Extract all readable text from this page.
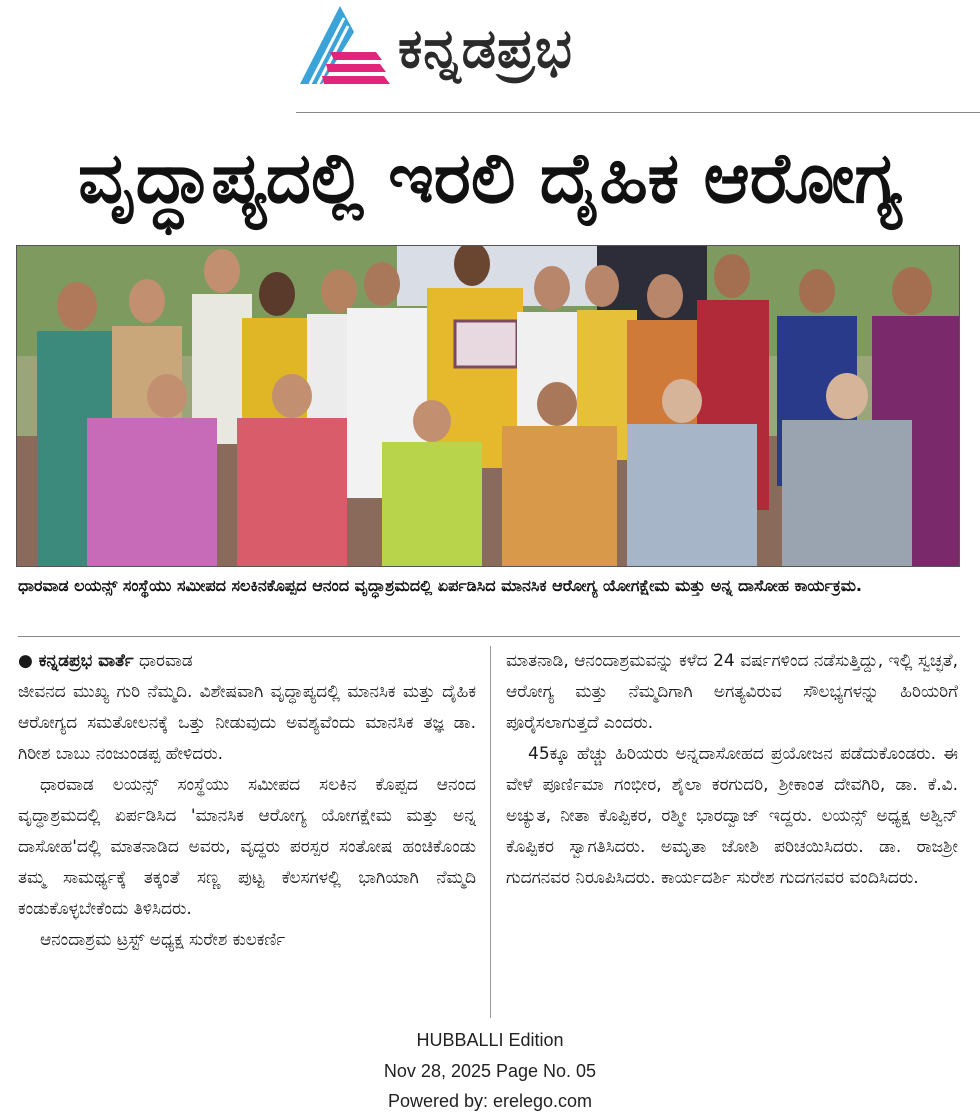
ಕನ್ನಡಪ್ರಭ
ವೃದ್ಧಾಪ್ಯದಲ್ಲಿ ಇರಲಿ ದೈಹಿಕ ಆರೋಗ್ಯ
ಧಾರವಾಡ ಲಯನ್ಸ್ ಸಂಸ್ಥೆಯು ಸಮೀಪದ ಸಲಕಿನಕೊಪ್ಪದ ಆನಂದ ವೃದ್ಧಾಶ್ರಮದಲ್ಲಿ ಏರ್ಪಡಿಸಿದ ಮಾನಸಿಕ ಆರೋಗ್ಯ ಯೋಗಕ್ಷೇಮ ಮತ್ತು ಅನ್ನ ದಾಸೋಹ ಕಾರ್ಯಕ್ರಮ.

● ಕನ್ನಡಪ್ರಭ ವಾರ್ತೆ ಧಾರವಾಡ

ಜೀವನದ ಮುಖ್ಯ ಗುರಿ ನೆಮ್ಮದಿ. ವಿಶೇಷವಾಗಿ ವೃದ್ಧಾಪ್ಯದಲ್ಲಿ ಮಾನಸಿಕ ಮತ್ತು ದೈಹಿಕ ಆರೋಗ್ಯದ ಸಮತೋಲನಕ್ಕೆ ಒತ್ತು ನೀಡುವುದು ಅವಶ್ಯವೆಂದು ಮಾನಸಿಕ ತಜ್ಞ ಡಾ. ಗಿರೀಶ ಬಾಬು ನಂಜುಂಡಪ್ಪ ಹೇಳಿದರು.

ಧಾರವಾಡ ಲಯನ್ಸ್ ಸಂಸ್ಥೆಯು ಸಮೀಪದ ಸಲಕಿನ ಕೊಪ್ಪದ ಆನಂದ ವೃದ್ಧಾಶ್ರಮದಲ್ಲಿ ಏರ್ಪಡಿಸಿದ 'ಮಾನಸಿಕ ಆರೋಗ್ಯ ಯೋಗಕ್ಷೇಮ ಮತ್ತು ಅನ್ನ ದಾಸೋಹ'ದಲ್ಲಿ ಮಾತನಾಡಿದ ಅವರು, ವೃದ್ಧರು ಪರಸ್ಪರ ಸಂತೋಷ ಹಂಚಿಕೊಂಡು ತಮ್ಮ ಸಾಮರ್ಥ್ಯಕ್ಕೆ ತಕ್ಕಂತೆ ಸಣ್ಣ ಪುಟ್ಟ ಕೆಲಸಗಳಲ್ಲಿ ಭಾಗಿಯಾಗಿ ನೆಮ್ಮದಿ ಕಂಡುಕೊಳ್ಳಬೇಕೆಂದು ತಿಳಿಸಿದರು.

ಆನಂದಾಶ್ರಮ ಟ್ರಸ್ಟ್ ಅಧ್ಯಕ್ಷ ಸುರೇಶ ಕುಲಕರ್ಣಿ

ಮಾತನಾಡಿ, ಆನಂದಾಶ್ರಮವನ್ನು ಕಳೆದ 24 ವರ್ಷಗಳಿಂದ ನಡೆಸುತ್ತಿದ್ದು, ಇಲ್ಲಿ ಸ್ವಚ್ಛತೆ, ಆರೋಗ್ಯ ಮತ್ತು ನೆಮ್ಮದಿಗಾಗಿ ಅಗತ್ಯವಿರುವ ಸೌಲಭ್ಯಗಳನ್ನು ಹಿರಿಯರಿಗೆ ಪೂರೈಸಲಾಗುತ್ತದೆ ಎಂದರು.

45ಕ್ಕೂ ಹೆಚ್ಚು ಹಿರಿಯರು ಅನ್ನದಾಸೋಹದ ಪ್ರಯೋಜನ ಪಡೆದುಕೊಂಡರು. ಈ ವೇಳೆ ಪೂರ್ಣಿಮಾ ಗಂಭೀರ, ಶೈಲಾ ಕರಗುದರಿ, ಶ್ರೀಕಾಂತ ದೇವಗಿರಿ, ಡಾ. ಕೆ.ವಿ. ಅಚ್ಯುತ, ನೀತಾ ಕೊಪ್ಪಿಕರ, ರಶ್ಮೀ ಭಾರದ್ವಾಜ್ ಇದ್ದರು. ಲಯನ್ಸ್ ಅಧ್ಯಕ್ಷ ಅಶ್ವಿನ್ ಕೊಪ್ಪಿಕರ ಸ್ವಾಗತಿಸಿದರು. ಅಮೃತಾ ಜೋಶಿ ಪರಿಚಯಿಸಿದರು. ಡಾ. ರಾಜಶ್ರೀ ಗುದಗನವರ ನಿರೂಪಿಸಿದರು. ಕಾರ್ಯದರ್ಶಿ ಸುರೇಶ ಗುದಗನವರ ವಂದಿಸಿದರು.

HUBBALLI Edition
Nov 28, 2025 Page No. 05
Powered by: erelego.com
